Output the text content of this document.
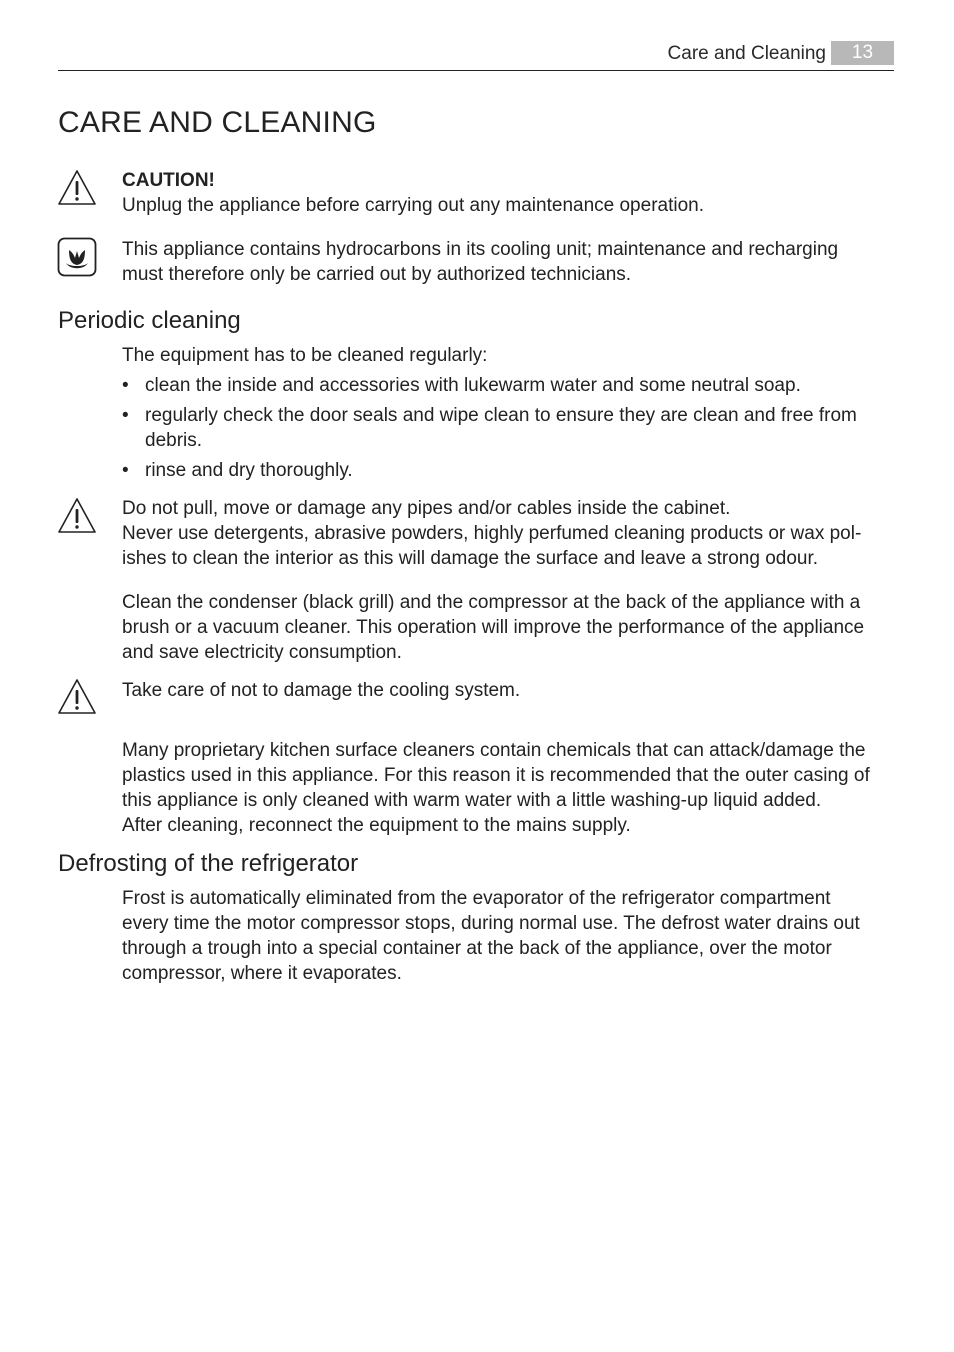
Care and Cleaning	13
CARE AND CLEANING

CAUTION!

Unplug the appliance before carrying out any maintenance operation.

This appliance contains hydrocarbons in its cooling unit; maintenance and recharging

must therefore only be carried out by authorized technicians.

Periodic cleaning
The equipment has to be cleaned regularly:
• clean the inside and accessories with lukewarm water and some neutral soap.
• regularly check the door seals and wipe clean to ensure they are clean and free from
debris.
• rinse and dry thoroughly.

Do not pull, move or damage any pipes and/or cables inside the cabinet.

Never use detergents, abrasive powders, highly perfumed cleaning products or wax pol-

ishes to clean the interior as this will damage the surface and leave a strong odour.

Clean the condenser (black grill) and the compressor at the back of the appliance with a

brush or a vacuum cleaner. This operation will improve the performance of the appliance

and save electricity consumption.

Take care of not to damage the cooling system.

Many proprietary kitchen surface cleaners contain chemicals that can attack/damage the

plastics used in this appliance. For this reason it is recommended that the outer casing of

this appliance is only cleaned with warm water with a little washing-up liquid added.

After cleaning, reconnect the equipment to the mains supply.

Defrosting of the refrigerator

Frost is automatically eliminated from the evaporator of the refrigerator compartment

every time the motor compressor stops, during normal use. The defrost water drains out

through a trough into a special container at the back of the appliance, over the motor

compressor, where it evaporates.
